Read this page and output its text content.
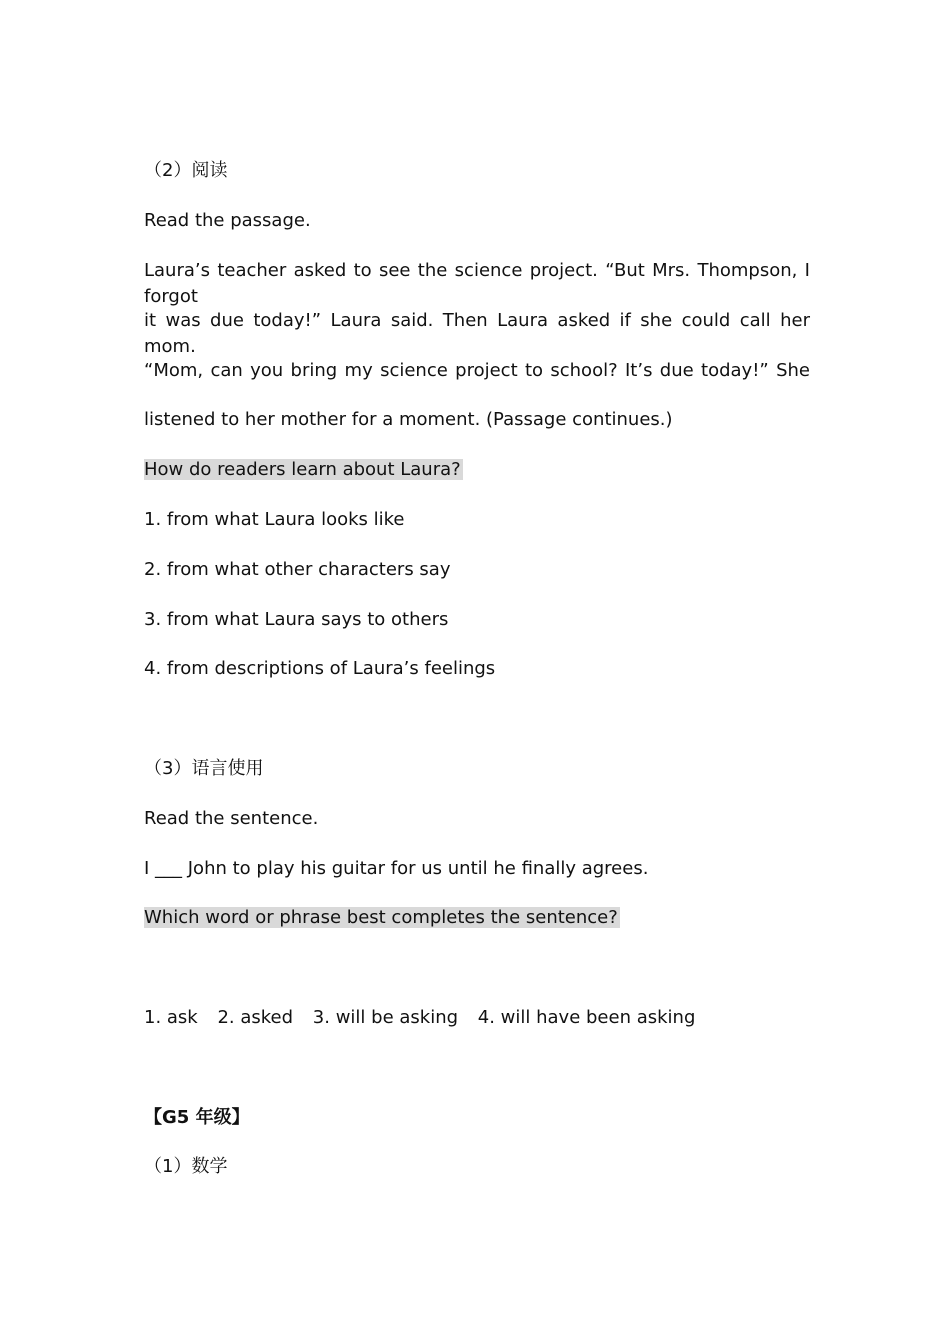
（2）阅读
Read the passage.
Laura’s teacher asked to see the science project. “But Mrs. Thompson, I forgot
it was due today!” Laura said. Then Laura asked if she could call her mom.
“Mom, can you bring my science project to school? It’s due today!” She
listened to her mother for a moment. (Passage continues.)
How do readers learn about Laura?
1. from what Laura looks like
2. from what other characters say
3. from what Laura says to others
4. from descriptions of Laura’s feelings
（3）语言使用
Read the sentence.
I ___ John to play his guitar for us until he finally agrees.
Which word or phrase best completes the sentence?
1. ask 2. asked 3. will be asking 4. will have been asking
【G5 年级】
（1）数学
